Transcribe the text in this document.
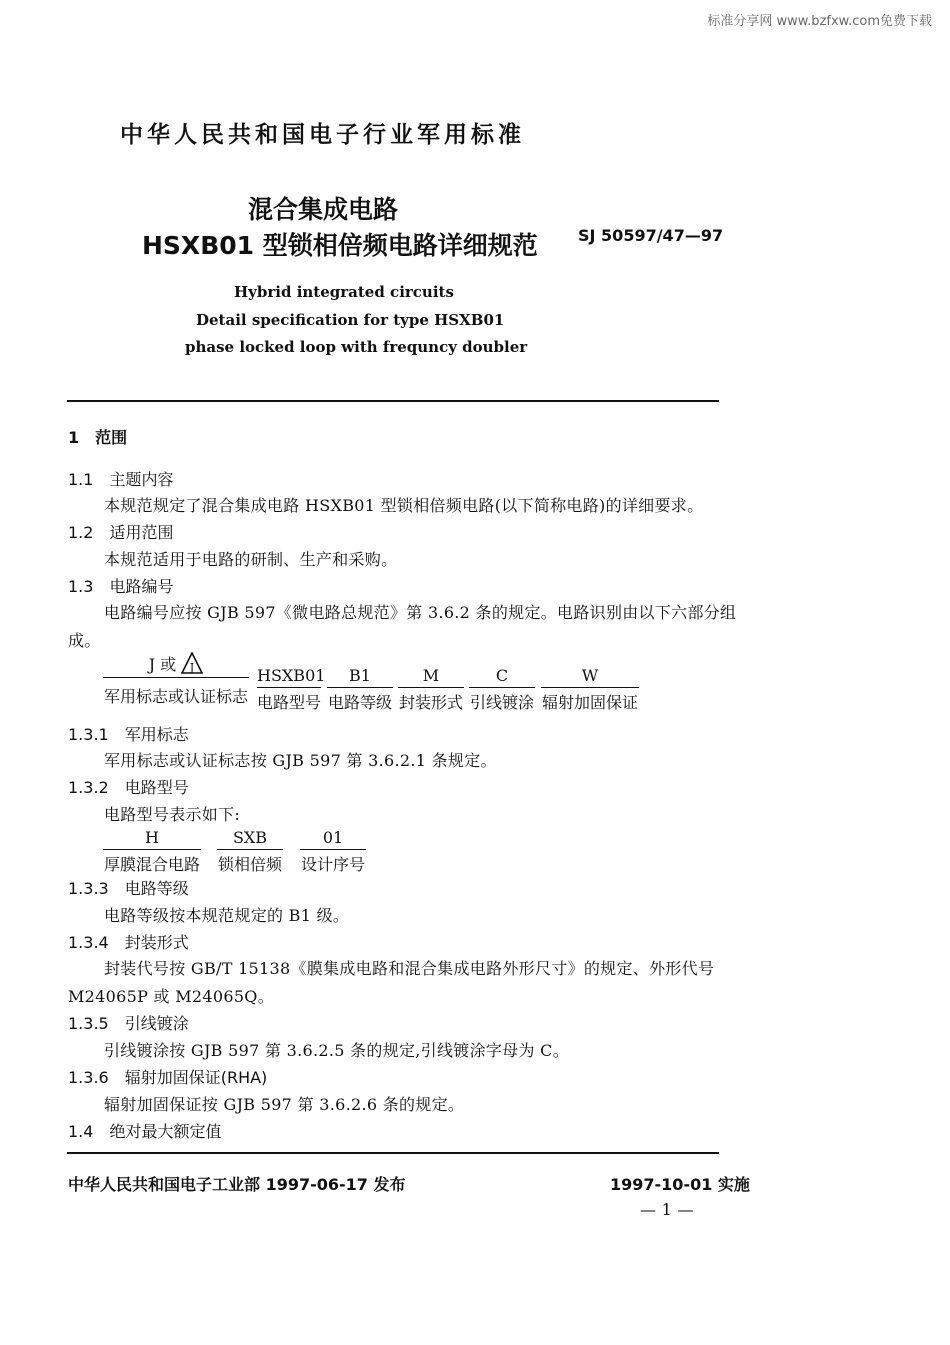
标准分享网 www.bzfxw.com免费下载
中华人民共和国电子行业军用标准
混合集成电路
HSXB01 型锁相倍频电路详细规范	SJ 50597/47—97
Hybrid integrated circuits
Detail specification for type HSXB01
phase locked loop with frequncy doubler
1　范围
1.1　主题内容
本规范规定了混合集成电路 HSXB01 型锁相倍频电路(以下简称电路)的详细要求。
1.2　适用范围
本规范适用于电路的研制、生产和采购。
1.3　电路编号
电路编号应按 GJB 597《微电路总规范》第 3.6.2 条的规定。电路识别由以下六部分组
成。
J 或 J
军用标志或认证标志
HSXB01
电路型号
B1
电路等级
M
封装形式
C
引线镀涂
W
辐射加固保证
1.3.1　军用标志
军用标志或认证标志按 GJB 597 第 3.6.2.1 条规定。
1.3.2　电路型号
电路型号表示如下:
H
厚膜混合电路
SXB
锁相倍频
01
设计序号
1.3.3　电路等级
电路等级按本规范规定的 B1 级。
1.3.4　封装形式
封装代号按 GB/T 15138《膜集成电路和混合集成电路外形尺寸》的规定、外形代号
M24065P 或 M24065Q。
1.3.5　引线镀涂
引线镀涂按 GJB 597 第 3.6.2.5 条的规定,引线镀涂字母为 C。
1.3.6　辐射加固保证(RHA)
辐射加固保证按 GJB 597 第 3.6.2.6 条的规定。
1.4　绝对最大额定值
中华人民共和国电子工业部 1997-06-17 发布	1997-10-01 实施
— 1 —
